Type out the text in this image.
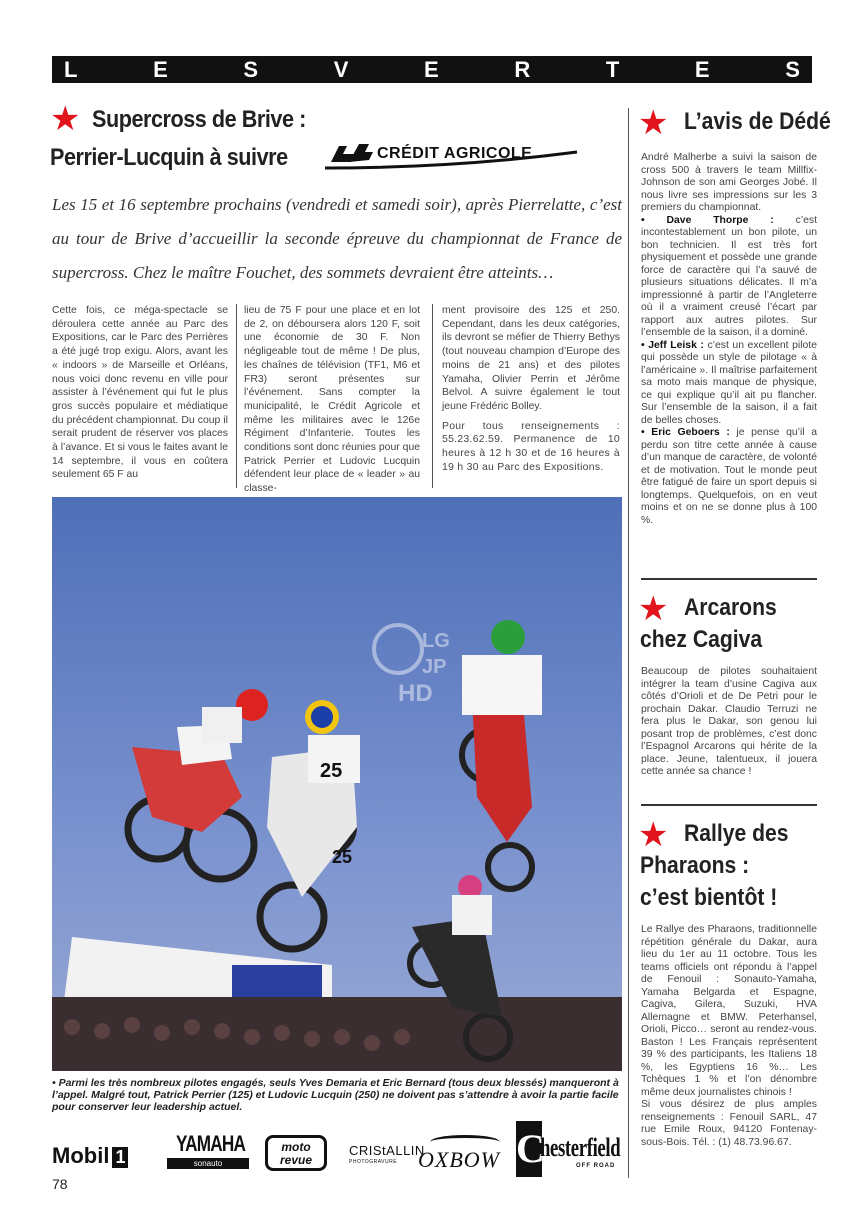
L	E	S	V	E	R	T	E	S
★ Supercross de Brive :
Perrier-Lucquin à suivre	CRÉDIT AGRICOLE

Les 15 et 16 septembre prochains (vendredi et samedi soir), après Pierrelatte, c’est au tour de Brive d’accueillir la seconde épreuve du championnat de France de supercross. Chez le maître Fouchet, des sommets devraient être atteints…

Cette fois, ce méga-spectacle se déroulera cette année au Parc des Expositions, car le Parc des Perrières a été jugé trop exigu. Alors, avant les « indoors » de Marseille et Orléans, nous voici donc revenu en ville pour assister à l’événement qui fut le plus gros succès populaire et médiatique du précédent championnat. Du coup il serait prudent de réserver vos places à l’avance. Et si vous le faites avant le 14 septembre, il vous en coûtera seulement 65 F au

lieu de 75 F pour une place et en lot de 2, on déboursera alors 120 F, soit une économie de 30 F. Non négligeable tout de même ! De plus, les chaînes de télévision (TF1, M6 et FR3) seront présentes sur l’événement. Sans compter la municipalité, le Crédit Agricole et même les militaires avec le 126e Régiment d’Infanterie. Toutes les conditions sont donc réunies pour que Patrick Perrier et Ludovic Lucquin défendent leur place de « leader » au classe-

ment provisoire des 125 et 250. Cependant, dans les deux catégories, ils devront se méfier de Thierry Bethys (tout nouveau champion d’Europe des moins de 21 ans) et des pilotes Yamaha, Olivier Perrin et Jérôme Belvol. A suivre également le tout jeune Frédéric Bolley.

Pour tous renseignements : 55.23.62.59. Permanence de 10 heures à 12 h 30 et de 16 heures à 19 h 30 au Parc des Expositions.

LG
JP
HD
25
25

• Parmi les très nombreux pilotes engagés, seuls Yves Demaria et Eric Bernard (tous deux blessés) manqueront à l’appel. Malgré tout, Patrick Perrier (125) et Ludovic Lucquin (250) ne doivent pas s’attendre à avoir la partie facile pour conserver leur leadership actuel.

Mobil 1
YAMAHA
sonauto
moto
revue
CRIStALLIN
PHOTOGRAVURE OXBOW C
hesterfield
OFF ROAD
78
★ L’avis de Dédé

André Malherbe a suivi la saison de cross 500 à travers le team Millfix-Johnson de son ami Georges Jobé. Il nous livre ses impressions sur les 3 premiers du championnat.

• Dave Thorpe : c’est incontestablement un bon pilote, un bon technicien. Il est très fort physiquement et possède une grande force de caractère qui l’a sauvé de plusieurs situations délicates. Il m’a impressionné à partir de l’Angleterre où il a vraiment creusé l’écart par rapport aux autres pilotes. Sur l’ensemble de la saison, il a dominé.

• Jeff Leisk : c’est un excellent pilote qui possède un style de pilotage « à l’américaine ». Il maîtrise parfaitement sa moto mais manque de physique, ce qui explique qu’il ait pu flancher. Sur l’ensemble de la saison, il a fait de belles choses.

• Eric Geboers : je pense qu’il a perdu son titre cette année à cause d’un manque de caractère, de volonté et de motivation. Tout le monde peut être fatigué de faire un sport depuis si longtemps. Quelquefois, on en veut moins et on ne se donne plus à 100 %.

★ Arcarons
chez Cagiva

Beaucoup de pilotes souhaitaient intégrer la team d’usine Cagiva aux côtés d’Orioli et de De Petri pour le prochain Dakar. Claudio Terruzi ne fera plus le Dakar, son genou lui posant trop de problèmes, c’est donc l’Espagnol Arcarons qui hérite de la place. Jeune, talentueux, il jouera cette année sa chance !

★ Rallye des
Pharaons :
c’est bientôt !

Le Rallye des Pharaons, traditionnelle répétition générale du Dakar, aura lieu du 1er au 11 octobre. Tous les teams officiels ont répondu à l’appel de Fenouil : Sonauto-Yamaha, Yamaha Belgarda et Espagne, Cagiva, Gilera, Suzuki, HVA Allemagne et BMW. Peterhansel, Orioli, Picco… seront au rendez-vous. Baston ! Les Français représentent 39 % des participants, les Italiens 18 %, les Egyptiens 16 %… Les Tchèques 1 % et l’on dénombre même deux journalistes chinois !

Si vous désirez de plus amples renseignements : Fenouil SARL, 47 rue Emile Roux, 94120 Fontenay-sous-Bois. Tél. : (1) 48.73.96.67.
